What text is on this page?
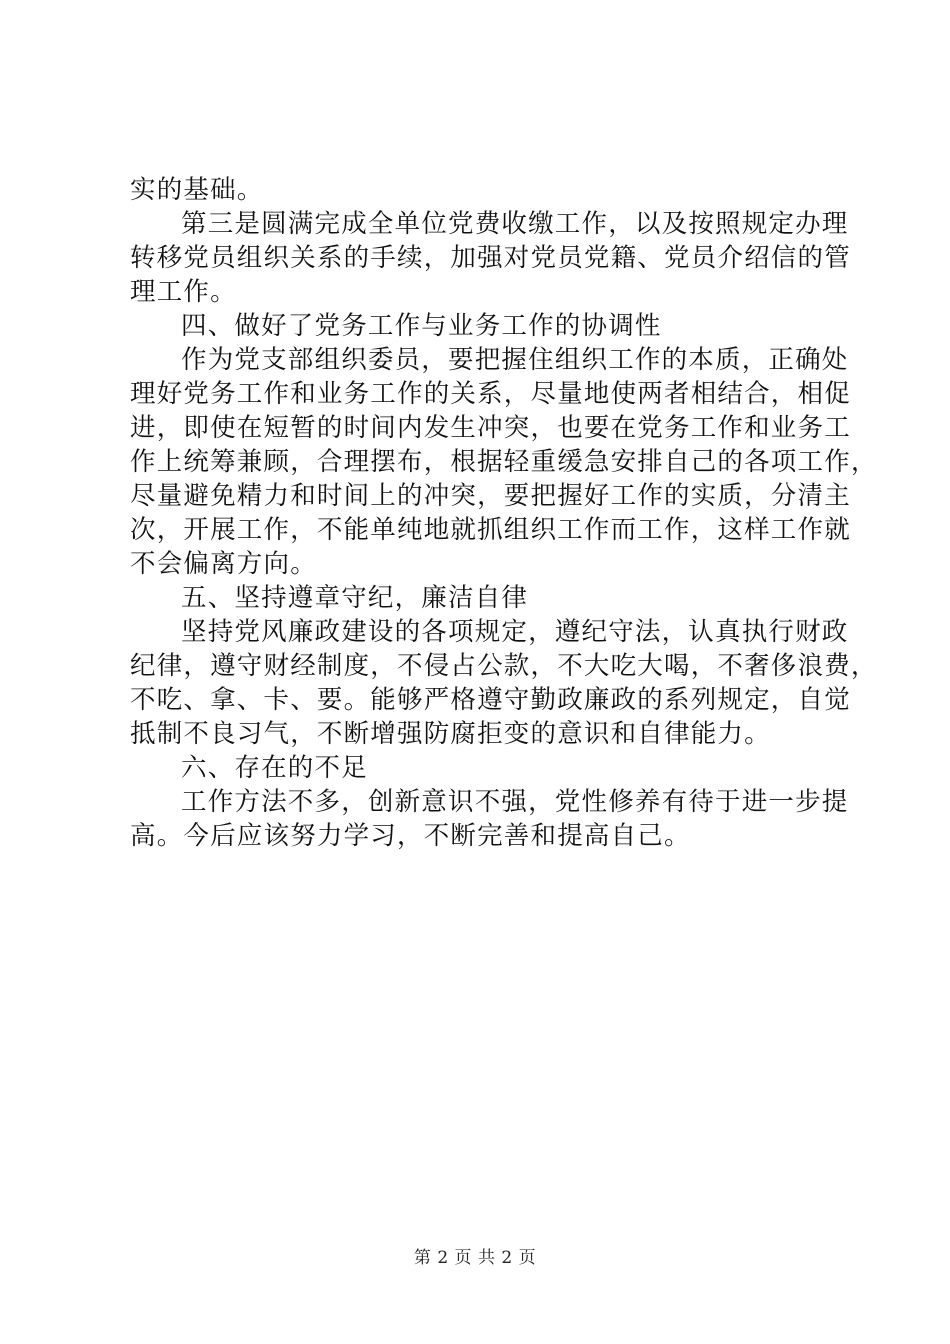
实的基础。
第三是圆满完成全单位党费收缴工作，以及按照规定办理
转移党员组织关系的手续，加强对党员党籍、党员介绍信的管
理工作。
四、做好了党务工作与业务工作的协调性
作为党支部组织委员，要把握住组织工作的本质，正确处
理好党务工作和业务工作的关系，尽量地使两者相结合，相促
进，即使在短暂的时间内发生冲突，也要在党务工作和业务工
作上统筹兼顾，合理摆布，根据轻重缓急安排自己的各项工作，
尽量避免精力和时间上的冲突，要把握好工作的实质，分清主
次，开展工作，不能单纯地就抓组织工作而工作，这样工作就
不会偏离方向。
五、坚持遵章守纪，廉洁自律
坚持党风廉政建设的各项规定，遵纪守法，认真执行财政
纪律，遵守财经制度，不侵占公款，不大吃大喝，不奢侈浪费，
不吃、拿、卡、要。能够严格遵守勤政廉政的系列规定，自觉
抵制不良习气，不断增强防腐拒变的意识和自律能力。
六、存在的不足
工作方法不多，创新意识不强，党性修养有待于进一步提
高。今后应该努力学习，不断完善和提高自己。
第 2 页 共 2 页
